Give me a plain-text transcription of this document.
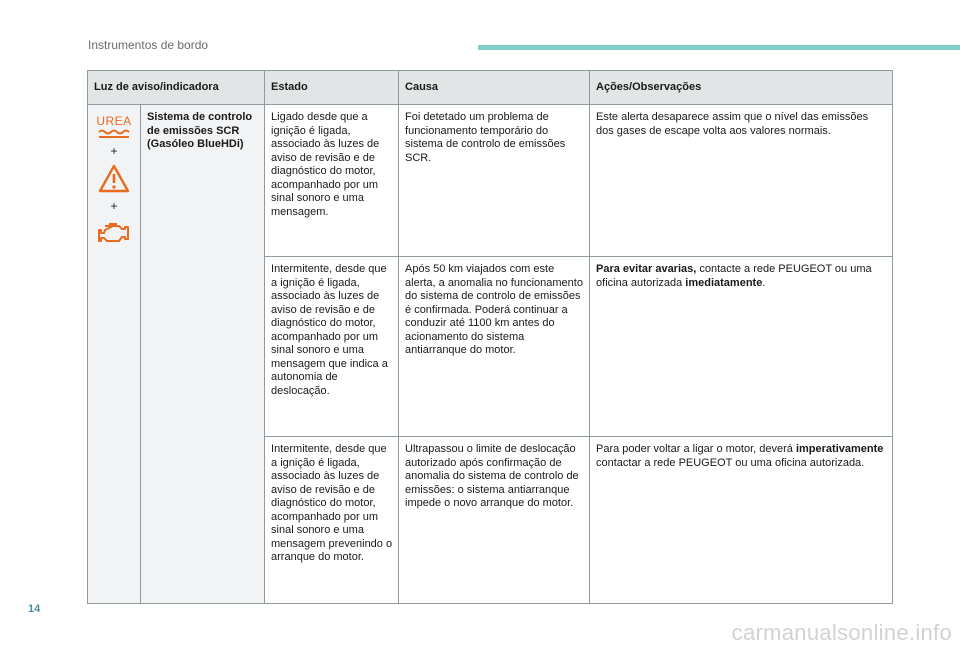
Instrumentos de bordo
Luz de aviso/indicadora		Estado	Causa	Ações/Observações

UREA
+
+	Sistema de controlo de emissões SCR (Gasóleo BlueHDi)	Ligado desde que a ignição é ligada, associado às luzes de aviso de revisão e de diagnóstico do motor, acompanhado por um sinal sonoro e uma mensagem.	Foi detetado um problema de funcionamento temporário do sistema de controlo de emissões SCR.	Este alerta desaparece assim que o nível das emissões dos gases de escape volta aos valores normais.
		Intermitente, desde que a ignição é ligada, associado às luzes de aviso de revisão e de diagnóstico do motor, acompanhado por um sinal sonoro e uma mensagem que indica a autonomia de deslocação.	Após 50 km viajados com este alerta, a anomalia no funcionamento do sistema de controlo de emissões é confirmada. Poderá continuar a conduzir até 1100 km antes do acionamento do sistema antiarranque do motor.	Para evitar avarias, contacte a rede PEUGEOT ou uma oficina autorizada imediatamente.
		Intermitente, desde que a ignição é ligada, associado às luzes de aviso de revisão e de diagnóstico do motor, acompanhado por um sinal sonoro e uma mensagem prevenindo o arranque do motor.	Ultrapassou o limite de deslocação autorizado após confirmação de anomalia do sistema de controlo de emissões: o sistema antiarranque impede o novo arranque do motor.	Para poder voltar a ligar o motor, deverá imperativamente contactar a rede PEUGEOT ou uma oficina autorizada.
14
carmanualsonline.info
